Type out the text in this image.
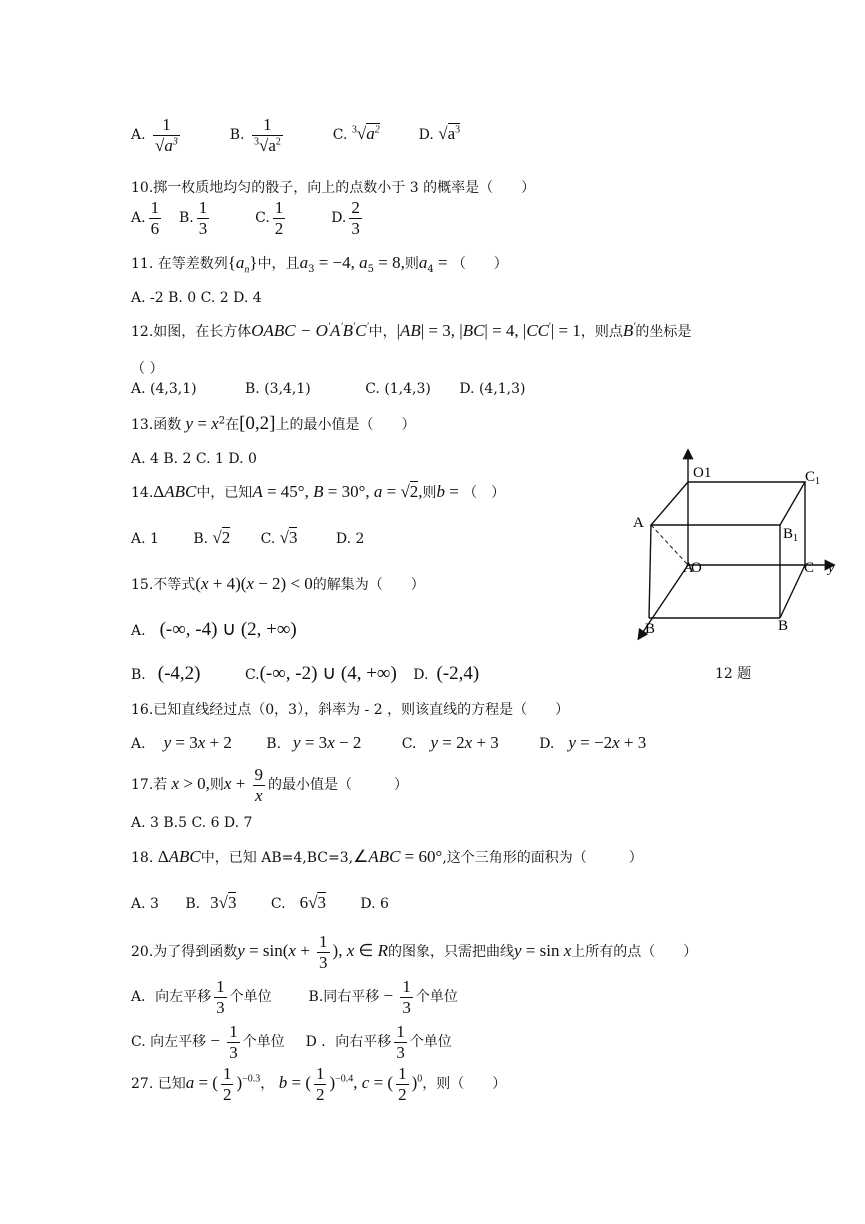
A. $\frac{1}{√a^3}$	B. $\frac{1}{^3√a^2}$	C. $^3√a^2$	D. $√a^3$
10.掷一枚质地均匀的骰子，向上的点数小于 3 的概率是（　　）
A. $\frac{1}{6} B$. $\frac{1}{3}$	C. $\frac{1}{2}$	D. $\frac{2}{3}$
11. 在等差数列$\{a_n\}$中，且$a_3 = -4$, $a_5 = 8$,则$a_4$ = （　　）
A. -2 B. 0 C. 2 D. 4
12.如图，在长方体OABC − O'A'B'C'中，|AB| = 3, |BC| = 4, |CC'| = 1，则点B'的坐标是
（ ）
A. (4,3,1)	B. (3,4,1)	C. (1,4,3) D. (4,1,3)
13.函数 $y = x^2$在[0,2]上的最小值是（　　）
A. 4 B. 2 C. 1 D. 0
14.ΔABC中，已知A = 45°, B = 30°, a = √2,则b = （　）
A. 1 B. √2 C. √3	D. 2
15.不等式(x + 4)(x − 2) < 0的解集为（　　）
A. (-∞, -4) ∪ (2, +∞)
B. (-4,2)	C.(-∞, -2) ∪ (4, +∞) D. (-2,4)
16.已知直线经过点（0，3），斜率为 - 2 ，则该直线的方程是（　　）
A. y = 3x + 2 B. y = 3x − 2	C. y = 2x + 3	D. y = −2x + 3
17.若 x > 0,则$x + \frac{9}{x}$ 的最小值是（　　　）
A. 3 B.5 C. 6 D. 7
18. ΔABC中，已知 AB=4,BC=3,∠ABC = 60°,这个三角形的面积为（　　　）
A. 3 B. 3√3 C. 6√3 D. 6
20.为了得到函数$y = \sin(x + \frac{1}{3}$ ), x ∈ R的图象，只需把曲线y = sin x上所有的点（　　）
A．向左平移 $\frac{1}{3}$ 个单位	B.同右平移 − $\frac{1}{3}$ 个单位
C. 向左平移 − $\frac{1}{3}$ 个单位 D ．向右平移 $\frac{1}{3}$ 个单位
27. 已知a = ( $\frac{1}{2} )^{-0.3}$， b = ( $\frac{1}{2} )^{-0.4}$, c = ( $\frac{1}{2} )^0$，则（　　）
O1	$C_1$
A
$B_1$
A
O	C y
B	B
12 题
